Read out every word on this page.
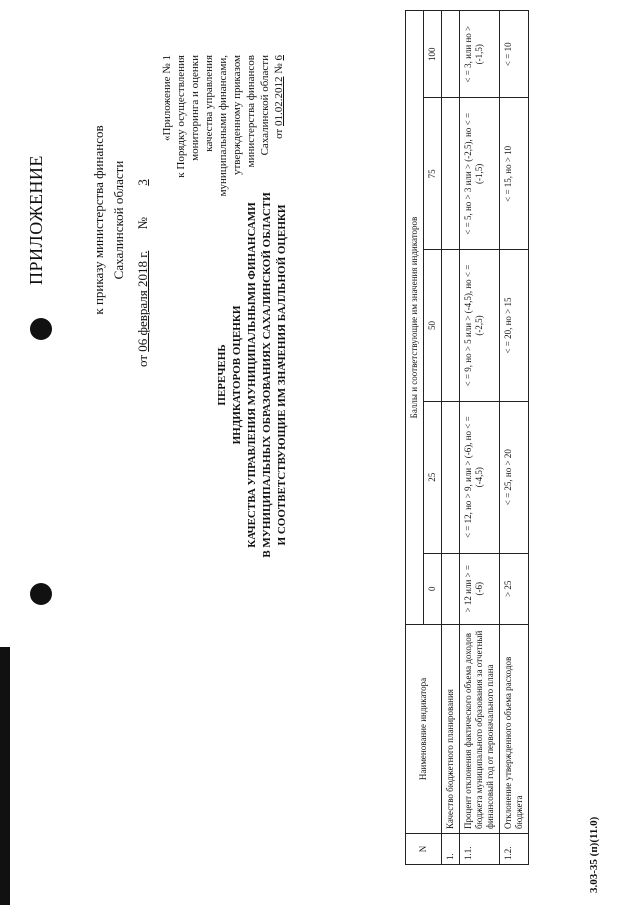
ПРИЛОЖЕНИЕ	к приказу министерства финансов Сахалинской области
от 06 февраля 2018 г. № 3
«Приложение № 1 к Порядку осуществления мониторинга и оценки качества управления муниципальными финансами, утвержденному приказом министерства финансов Сахалинской области от 01.02.2012 № 6
ПЕРЕЧЕНЬ ИНДИКАТОРОВ ОЦЕНКИ КАЧЕСТВА УПРАВЛЕНИЯ МУНИЦИПАЛЬНЫМИ ФИНАНСАМИ В МУНИЦИПАЛЬНЫХ ОБРАЗОВАНИЯХ САХАЛИНСКОЙ ОБЛАСТИ И СООТВЕТСТВУЮЩИЕ ИМ ЗНАЧЕНИЯ БАЛЛЬНОЙ ОЦЕНКИ
N	Наименование индикатора	Баллы и соответствующие им значения индикаторов				
		0	25	50	75	100
1.	Качество бюджетного планирования					
1.1.	Процент отклонения фактического объема доходов бюджета муниципального образования за отчетный финансовый год от первоначального плана	> 12 или > = (-6)	< = 12, но > 9, или > (-6), но < = (-4,5)	< = 9, но > 5 или > (-4,5), но < = (-2,5)	< = 5, но > 3 или > (-2,5), но < = (-1,5)	< = 3, или но > (-1,5)
1.2.	Отклонение утвержденного объема расходов бюджета	> 25	< = 25, но > 20	< = 20, но > 15	< = 15, но > 10	< = 10
3.03-35 (п)(11.0)
